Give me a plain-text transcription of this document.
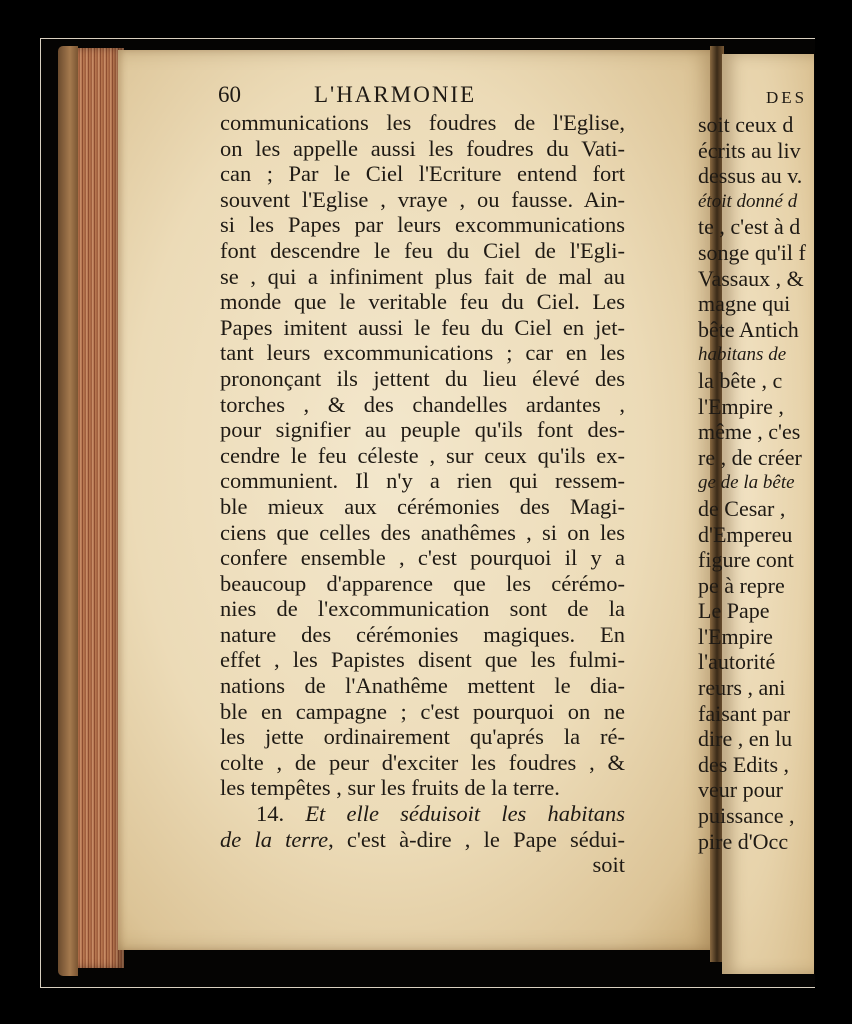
60	L'HARMONIE
communications les foudres de l'Eglise,
on les appelle aussi les foudres du Vati-
can ; Par le Ciel l'Ecriture entend fort
souvent l'Eglise , vraye , ou fausse. Ain-
si les Papes par leurs excommunications
font descendre le feu du Ciel de l'Egli-
se , qui a infiniment plus fait de mal au
monde que le veritable feu du Ciel. Les
Papes imitent aussi le feu du Ciel en jet-
tant leurs excommunications ; car en les
prononçant ils jettent du lieu élevé des
torches , & des chandelles ardantes ,
pour signifier au peuple qu'ils font des-
cendre le feu céleste , sur ceux qu'ils ex-
communient. Il n'y a rien qui ressem-
ble mieux aux cérémonies des Magi-
ciens que celles des anathêmes , si on les
confere ensemble , c'est pourquoi il y a
beaucoup d'apparence que les cérémo-
nies de l'excommunication sont de la
nature des cérémonies magiques. En
effet , les Papistes disent que les fulmi-
nations de l'Anathême mettent le dia-
ble en campagne ; c'est pourquoi on ne
les jette ordinairement qu'aprés la ré-
colte , de peur d'exciter les foudres , &
les tempêtes , sur les fruits de la terre.
14. Et elle séduisoit les habitans
de la terre, c'est à-dire , le Pape sédui-
soit
DES
soit ceux d
écrits au liv
dessus au v.
étoit donné d
te , c'est à d
songe qu'il f
Vassaux , &
magne qui
bête Antich
habitans de
la bête , c
l'Empire ,
même , c'es
re , de créer
ge de la bête
de Cesar ,
d'Empereu
figure cont
pe à repre
Le Pape
l'Empire
l'autorité
reurs , ani
faisant par
dire , en lu
des Edits ,
veur pour
puissance ,
pire d'Occ
